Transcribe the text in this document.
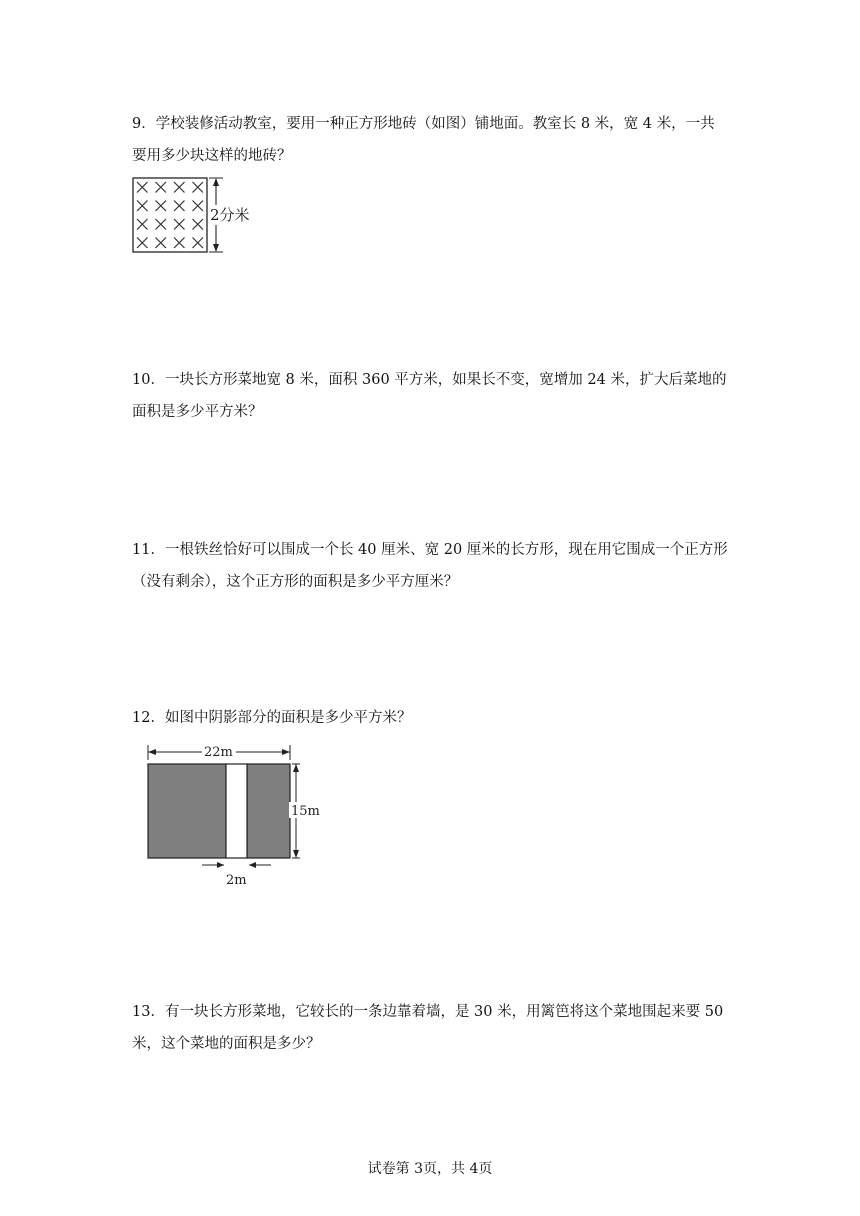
9．学校装修活动教室，要用一种正方形地砖（如图）铺地面。教室长 8 米，宽 4 米，一共

要用多少块这样的地砖？

2分米

10．一块长方形菜地宽 8 米，面积 360 平方米，如果长不变，宽增加 24 米，扩大后菜地的

面积是多少平方米？

11．一根铁丝恰好可以围成一个长 40 厘米、宽 20 厘米的长方形，现在用它围成一个正方形

（没有剩余），这个正方形的面积是多少平方厘米？

12．如图中阴影部分的面积是多少平方米？

22m
15m
2m

13．有一块长方形菜地，它较长的一条边靠着墙，是 30 米，用篱笆将这个菜地围起来要 50

米，这个菜地的面积是多少？

试卷第 3页，共 4页
